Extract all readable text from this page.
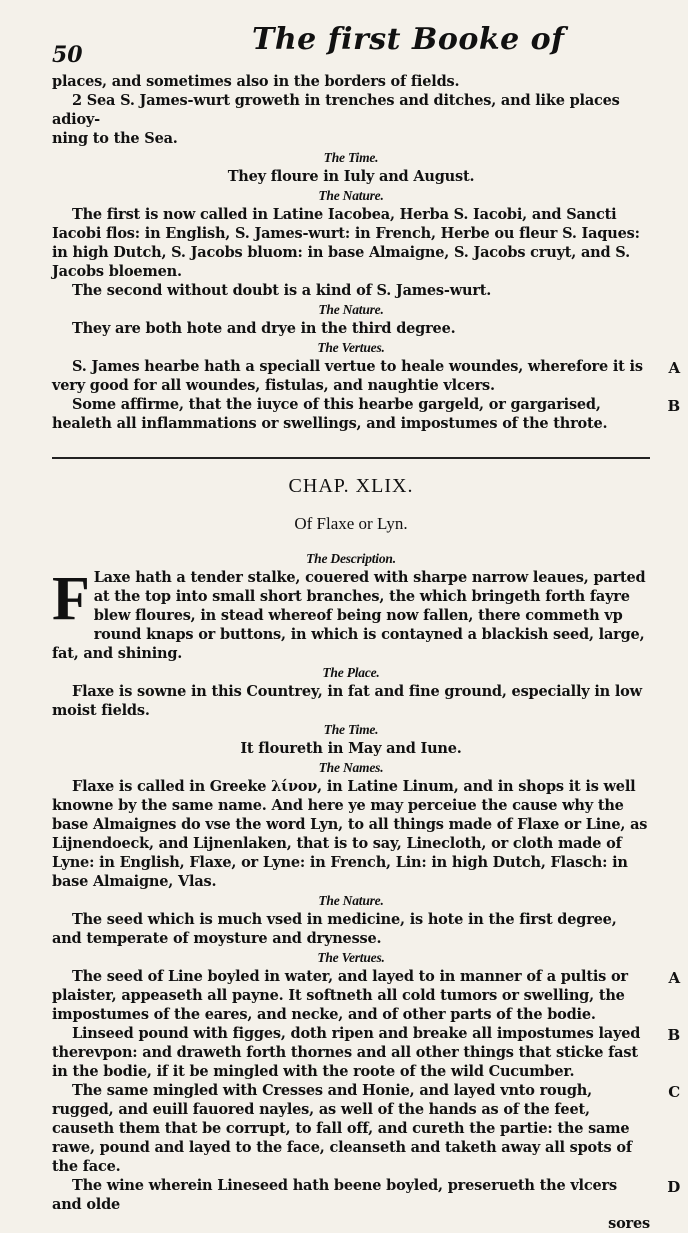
50	The first Booke of

places, and sometimes also in the borders of fields.

2 Sea S. James-wurt groweth in trenches and ditches, and like places adioy-

ning to the Sea.

The Time.

They floure in Iuly and August.

The Nature.

The first is now called in Latine Iacobea, Herba S. Iacobi, and Sancti Iacobi flos: in English, S. James-wurt: in French, Herbe ou fleur S. Iaques: in high Dutch, S. Jacobs bluom: in base Almaigne, S. Jacobs cruyt, and S. Jacobs bloemen.

The second without doubt is a kind of S. James-wurt.

The Nature.

They are both hote and drye in the third degree.

The Vertues.

A

S. James hearbe hath a speciall vertue to heale woundes, wherefore it is very good for all woundes, fistulas, and naughtie vlcers.

B

Some affirme, that the iuyce of this hearbe gargeld, or gargarised, healeth all inflammations or swellings, and impostumes of the throte.

CHAP. XLIX.
Of Flaxe or Lyn.

The Description.

F Laxe hath a tender stalke, couered with sharpe narrow leaues, parted at the top into small short branches, the which bringeth forth fayre blew floures, in stead whereof being now fallen, there commeth vp round knaps or buttons, in which is contayned a blackish seed, large, fat, and shining.

The Place.

Flaxe is sowne in this Countrey, in fat and fine ground, especially in low moist fields.

The Time.

It floureth in May and Iune.

The Names.

Flaxe is called in Greeke λίνον, in Latine Linum, and in shops it is well knowne by the same name. And here ye may perceiue the cause why the base Almaignes do vse the word Lyn, to all things made of Flaxe or Line, as Lijnendoeck, and Lijnenlaken, that is to say, Linecloth, or cloth made of Lyne: in English, Flaxe, or Lyne: in French, Lin: in high Dutch, Flasch: in base Almaigne, Vlas.

The Nature.

The seed which is much vsed in medicine, is hote in the first degree, and temperate of moysture and drynesse.

The Vertues.

A

The seed of Line boyled in water, and layed to in manner of a pultis or plaister, appeaseth all payne. It softneth all cold tumors or swelling, the impostumes of the eares, and necke, and of other parts of the bodie.

B

Linseed pound with figges, doth ripen and breake all impostumes layed therevpon: and draweth forth thornes and all other things that sticke fast in the bodie, if it be mingled with the roote of the wild Cucumber.

C

The same mingled with Cresses and Honie, and layed vnto rough, rugged, and euill fauored nayles, as well of the hands as of the feet, causeth them that be corrupt, to fall off, and cureth the partie: the same rawe, pound and layed to the face, cleanseth and taketh away all spots of the face.

D

The wine wherein Lineseed hath beene boyled, preserueth the vlcers and olde

sores
